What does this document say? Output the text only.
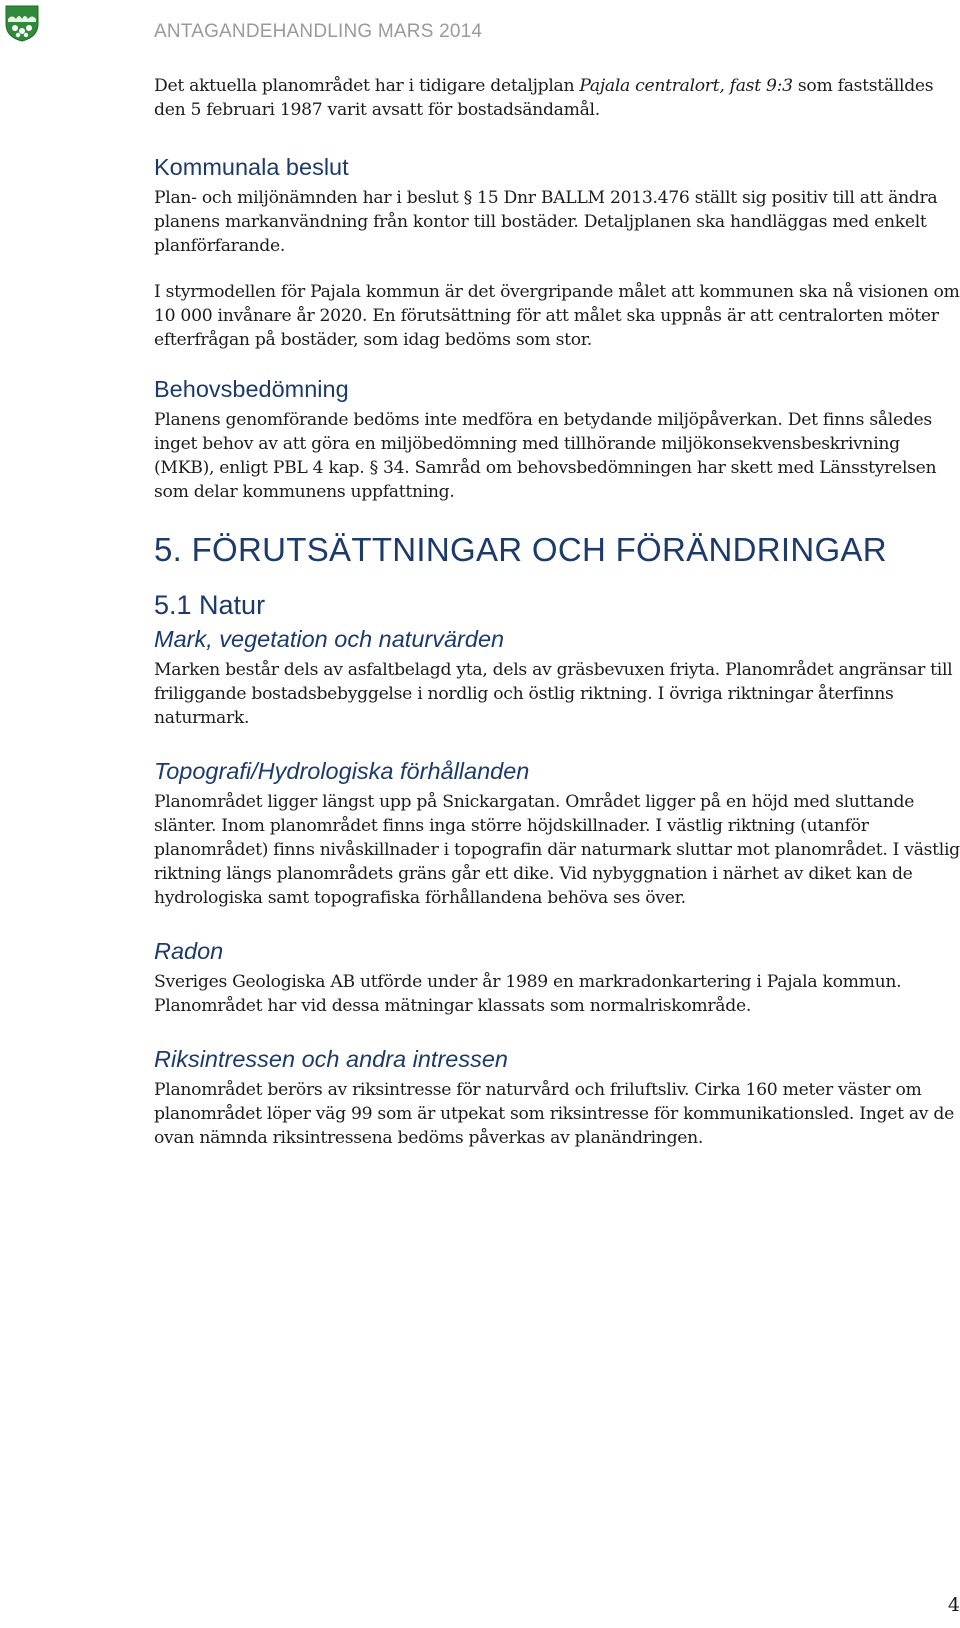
ANTAGANDEHANDLING MARS 2014

Det aktuella planområdet har i tidigare detaljplan Pajala centralort, fast 9:3 som fastställdes den 5 februari 1987 varit avsatt för bostadsändamål.

Kommunala beslut

Plan- och miljönämnden har i beslut § 15 Dnr BALLM 2013.476 ställt sig positiv till att ändra planens markanvändning från kontor till bostäder. Detaljplanen ska handläggas med enkelt planförfarande.

I styrmodellen för Pajala kommun är det övergripande målet att kommunen ska nå visionen om 10 000 invånare år 2020. En förutsättning för att målet ska uppnås är att centralorten möter efterfrågan på bostäder, som idag bedöms som stor.

Behovsbedömning

Planens genomförande bedöms inte medföra en betydande miljöpåverkan. Det finns således inget behov av att göra en miljöbedömning med tillhörande miljökonsekvensbeskrivning (MKB), enligt PBL 4 kap. § 34. Samråd om behovsbedömningen har skett med Länsstyrelsen som delar kommunens uppfattning.

5. FÖRUTSÄTTNINGAR OCH FÖRÄNDRINGAR
5.1 Natur
Mark, vegetation och naturvärden

Marken består dels av asfaltbelagd yta, dels av gräsbevuxen friyta. Planområdet angränsar till friliggande bostadsbebyggelse i nordlig och östlig riktning. I övriga riktningar återfinns naturmark.

Topografi/Hydrologiska förhållanden

Planområdet ligger längst upp på Snickargatan. Området ligger på en höjd med sluttande slänter. Inom planområdet finns inga större höjdskillnader. I västlig riktning (utanför planområdet) finns nivåskillnader i topografin där naturmark sluttar mot planområdet. I västlig riktning längs planområdets gräns går ett dike. Vid nybyggnation i närhet av diket kan de hydrologiska samt topografiska förhållandena behöva ses över.

Radon

Sveriges Geologiska AB utförde under år 1989 en markradonkartering i Pajala kommun. Planområdet har vid dessa mätningar klassats som normalriskområde.

Riksintressen och andra intressen

Planområdet berörs av riksintresse för naturvård och friluftsliv. Cirka 160 meter väster om planområdet löper väg 99 som är utpekat som riksintresse för kommunikationsled. Inget av de ovan nämnda riksintressena bedöms påverkas av planändringen.

4
